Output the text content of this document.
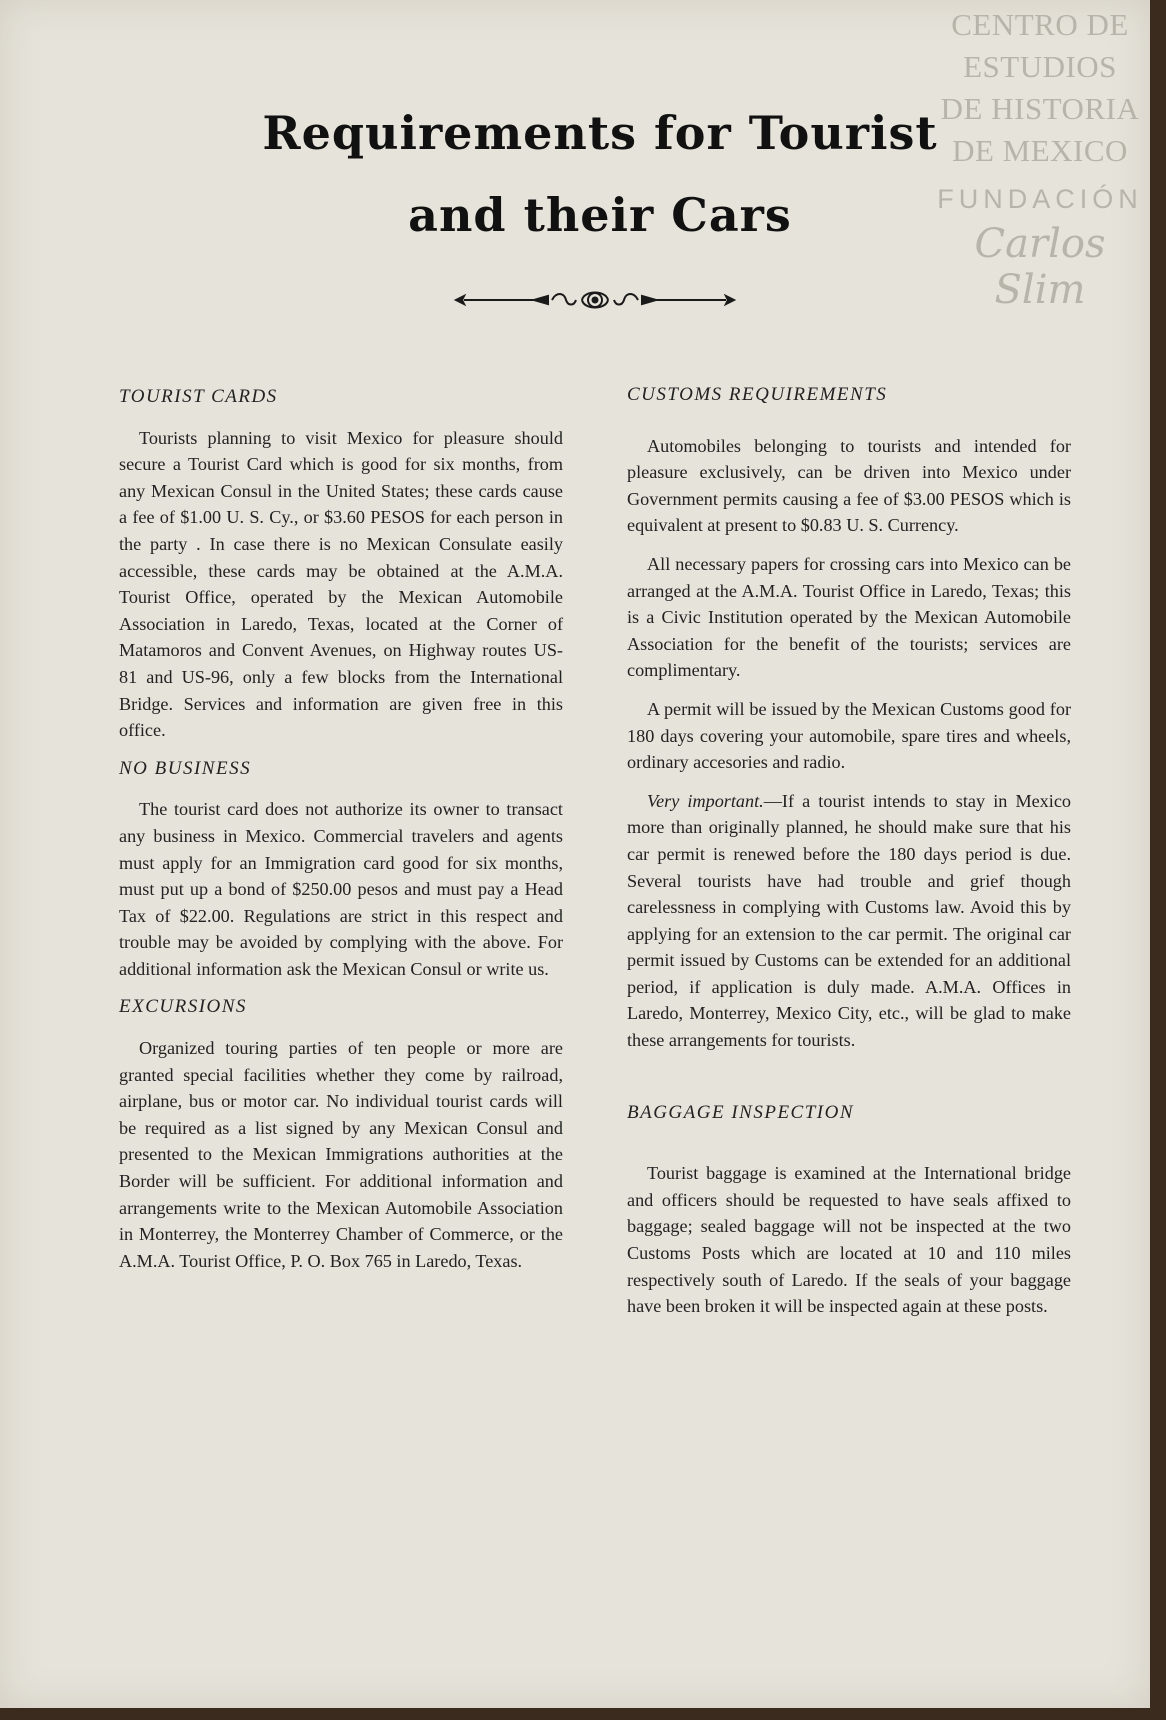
CENTRO DE
ESTUDIOS
DE HISTORIA
DE MEXICO
FUNDACIÓN
Carlos Slim
Requirements for Tourist
and their Cars

TOURIST CARDS

Tourists planning to visit Mexico for pleasure should secure a Tourist Card which is good for six months, from any Mexican Consul in the United States; these cards cause a fee of $1.00 U. S. Cy., or $3.60 PESOS for each person in the party . In case there is no Mexican Consulate easily accessible, these cards may be obtained at the A.M.A. Tourist Office, operated by the Mexican Automobile Association in Laredo, Texas, located at the Corner of Matamoros and Convent Avenues, on Highway routes US-81 and US-96, only a few blocks from the International Bridge. Services and information are given free in this office.

NO BUSINESS

The tourist card does not authorize its owner to transact any business in Mexico. Commercial travelers and agents must apply for an Immigration card good for six months, must put up a bond of $250.00 pesos and must pay a Head Tax of $22.00. Regulations are strict in this respect and trouble may be avoided by complying with the above. For additional information ask the Mexican Consul or write us.

EXCURSIONS

Organized touring parties of ten people or more are granted special facilities whether they come by railroad, airplane, bus or motor car. No individual tourist cards will be required as a list signed by any Mexican Consul and presented to the Mexican Immigrations authorities at the Border will be sufficient. For additional information and arrangements write to the Mexican Automobile Association in Monterrey, the Monterrey Chamber of Commerce, or the A.M.A. Tourist Office, P. O. Box 765 in Laredo, Texas.

CUSTOMS REQUIREMENTS

Automobiles belonging to tourists and intended for pleasure exclusively, can be driven into Mexico under Government permits causing a fee of $3.00 PESOS which is equivalent at present to $0.83 U. S. Currency.

All necessary papers for crossing cars into Mexico can be arranged at the A.M.A. Tourist Office in Laredo, Texas; this is a Civic Institution operated by the Mexican Automobile Association for the benefit of the tourists; services are complimentary.

A permit will be issued by the Mexican Customs good for 180 days covering your automobile, spare tires and wheels, ordinary accesories and radio.

Very important.—If a tourist intends to stay in Mexico more than originally planned, he should make sure that his car permit is renewed before the 180 days period is due. Several tourists have had trouble and grief though carelessness in complying with Customs law. Avoid this by applying for an extension to the car permit. The original car permit issued by Customs can be extended for an additional period, if application is duly made. A.M.A. Offices in Laredo, Monterrey, Mexico City, etc., will be glad to make these arrangements for tourists.

BAGGAGE INSPECTION

Tourist baggage is examined at the International bridge and officers should be requested to have seals affixed to baggage; sealed baggage will not be inspected at the two Customs Posts which are located at 10 and 110 miles respectively south of Laredo. If the seals of your baggage have been broken it will be inspected again at these posts.
